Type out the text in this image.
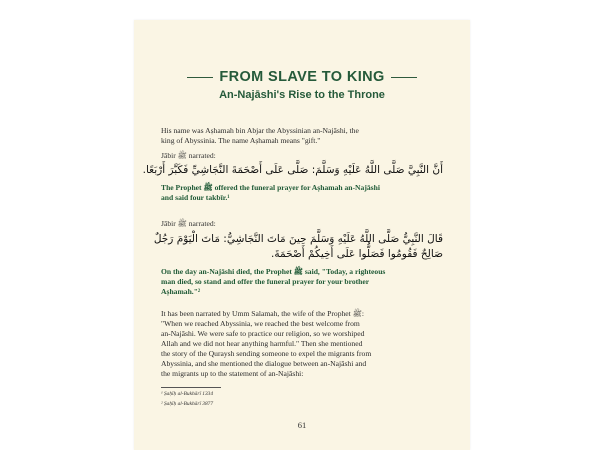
FROM SLAVE TO KING
An-Najāshi's Rise to the Throne
His name was Aṣhamah bin Abjar the Abyssinian an-Najāshi, the
king of Abyssinia. The name Aṣhamah means "gift."
Jābir ﷺ narrated:
أَنَّ النَّبِيَّ صَلَّى اللَّهُ عَلَيْهِ وَسَلَّمَ: صَلَّى عَلَى أَصْحَمَةَ النَّجَاشِيِّ فَكَبَّرَ أَرْبَعًا.
The Prophet ﷺ offered the funeral prayer for Aṣhamah an-Najāshi
and said four takbīr.¹
Jābir ﷺ narrated:
قَالَ النَّبِيُّ صَلَّى اللَّهُ عَلَيْهِ وَسَلَّمَ حِينَ مَاتَ النَّجَاشِيُّ: مَاتَ الْيَوْمَ رَجُلٌ
صَالِحٌ فَقُومُوا فَصَلُّوا عَلَى أَخِيكُمْ أَصْحَمَةَ.
On the day an-Najāshi died, the Prophet ﷺ said, "Today, a righteous
man died, so stand and offer the funeral prayer for your brother
Aṣhamah."²
It has been narrated by Umm Salamah, the wife of the Prophet ﷺ:
"When we reached Abyssinia, we reached the best welcome from
an-Najāshi. We were safe to practice our religion, so we worshiped
Allah and we did not hear anything harmful." Then she mentioned
the story of the Quraysh sending someone to expel the migrants from
Abyssinia, and she mentioned the dialogue between an-Najāshi and
the migrants up to the statement of an-Najāshi:
¹ Ṣaḥīḥ al-Bukhārī 1334
² Ṣaḥīḥ al-Bukhārī 3877
61
